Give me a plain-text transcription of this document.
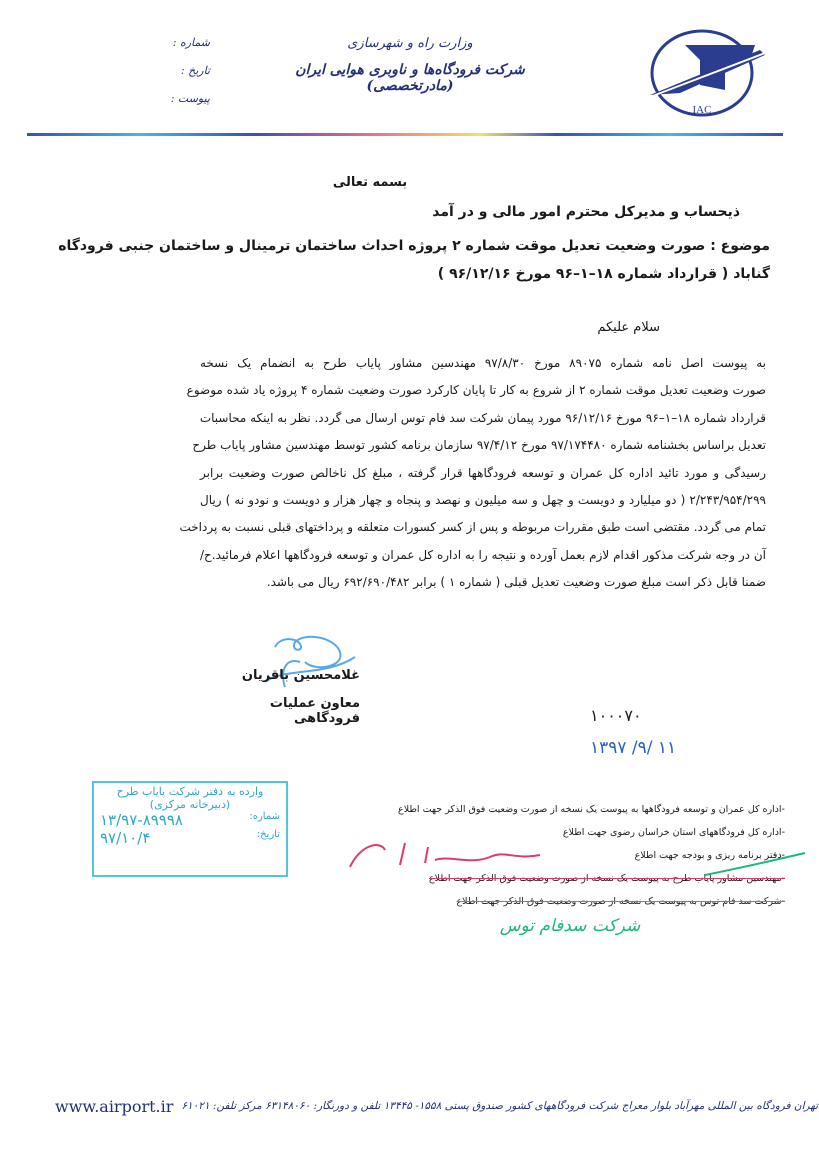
IAC
وزارت راه و شهرسازی
شرکت فرودگاه‌ها و ناوبری هوایی ایران (مادرتخصصی)
شماره :
تاریخ :
پیوست :
بسمه تعالی
ذیحساب و مدیرکل محترم امور مالی و در آمد
موضوع : صورت وضعیت تعدیل موقت شماره ۲ پروژه احداث ساختمان ترمینال و ساختمان جنبی فرودگاه
گناباد ( قرارداد شماره ۱۸–۱–۹۶ مورخ ۹۶/۱۲/۱۶ )
سلام علیکم
به پیوست اصل نامه شماره ۸۹۰۷۵ مورخ ۹۷/۸/۳۰ مهندسین مشاور پایاب طرح به انضمام یک نسخه
صورت وضعیت تعدیل موقت شماره ۲ از شروع به کار تا پایان کارکرد صورت وضعیت شماره ۴ پروژه یاد شده موضوع
قرارداد شماره ۱۸–۱–۹۶ مورخ ۹۶/۱۲/۱۶ مورد پیمان شرکت سد فام توس ارسال می گردد. نظر به اینکه محاسبات
تعدیل براساس بخشنامه شماره ۹۷/۱۷۴۴۸۰ مورخ ۹۷/۴/۱۲ سازمان برنامه کشور توسط مهندسین مشاور پایاب طرح
رسیدگی و مورد تائید اداره کل عمران و توسعه فرودگاهها قرار گرفته ، مبلغ کل ناخالص صورت وضعیت برابر
۲/۲۴۳/۹۵۴/۲۹۹ ( دو میلیارد و دویست و چهل و سه میلیون و نهصد و پنجاه و چهار هزار و دویست و نودو نه ) ریال
تمام می گردد. مقتضی است طبق مقررات مربوطه و پس از کسر کسورات متعلقه و پرداختهای قبلی نسبت به پرداخت
آن در وجه شرکت مذکور اقدام لازم بعمل آورده و نتیجه را به اداره کل عمران و توسعه فرودگاهها اعلام فرمائید.ح/
ضمنا قابل ذکر است مبلغ صورت وضعیت تعدیل قبلی ( شماره ۱ ) برابر ۶۹۲/۶۹۰/۴۸۲ ریال می باشد.
غلامحسین باقریان
معاون عملیات فرودگاهی	۱۰۰۰۷۰
۱۳۹۷ /۹/ ۱۱
وارده به دفتر شرکت پایاب طرح
(دبیرخانه مرکزی)
شماره:
۱۳/۹۷-۸۹۹۹۸
تاریخ:
۹۷/۱۰/۴
-اداره کل عمران و توسعه فرودگاهها به پیوست یک نسخه از صورت وضعیت فوق الذکر جهت اطلاع
-اداره کل فرودگاههای استان خراسان رضوی جهت اطلاع
-دفتر برنامه ریزی و بودجه جهت اطلاع
-مهندسین مشاور پایاب طرح به پیوست یک نسخه از صورت وضعیت فوق الذکر جهت اطلاع
-شرکت سد فام توس به پیوست یک نسخه از صورت وضعیت فوق الذکر جهت اطلاع
شرکت سدفام توس
www.airport.ir تهران فرودگاه بین المللی مهرآباد بلوار معراج شرکت فرودگاههای کشور صندوق پستی ۱۵۵۸- ۱۳۴۴۵ تلفن و دورنگار: ۶۳۱۴۸۰۶۰ مرکز تلفن: ۶۱۰۲۱
